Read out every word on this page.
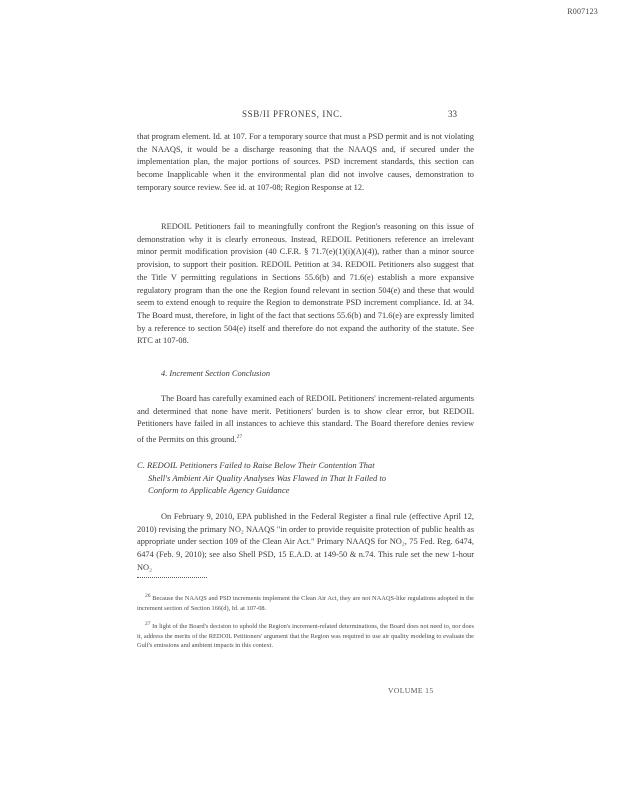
R007123
SSB/II PFRONES, INC.	33

that program element. Id. at 107. For a temporary source that must a PSD permit and is not violating the NAAQS, it would be a discharge reasoning that the NAAQS and, if secured under the implementation plan, the major portions of sources. PSD increment standards, this section can become Inapplicable when it the environmental plan did not involve causes, demonstration to temporary source review. See id. at 107-08; Region Response at 12.

REDOIL Petitioners fail to meaningfully confront the Region's reasoning on this issue of demonstration why it is clearly erroneous. Instead, REDOIL Petitioners reference an irrelevant minor permit modification provision (40 C.F.R. § 71.7(e)(1)(i)(A)(4)), rather than a minor source provision, to support their position. REDOIL Petition at 34. REDOIL Petitioners also suggest that the Title V permitting regulations in Sections 55.6(b) and 71.6(e) establish a more expansive regulatory program than the one the Region found relevant in section 504(e) and these that would seem to extend enough to require the Region to demonstrate PSD increment compliance. Id. at 34. The Board must, therefore, in light of the fact that sections 55.6(b) and 71.6(e) are expressly limited by a reference to section 504(e) itself and therefore do not expand the authority of the statute. See RTC at 107-08.

4. Increment Section Conclusion

The Board has carefully examined each of REDOIL Petitioners' increment-related arguments and determined that none have merit. Petitioners' burden is to show clear error, but REDOIL Petitioners have failed in all instances to achieve this standard. The Board therefore denies review of the Permits on this ground.$^{27}$

C. REDOIL Petitioners Failed to Raise Below Their Contention That

Shell's Ambient Air Quality Analyses Was Flawed in That It Failed to
Conform to Applicable Agency Guidance

On February 9, 2010, EPA published in the Federal Register a final rule (effective April 12, 2010) revising the primary NO₂ NAAQS "in order to provide requisite protection of public health as appropriate under section 109 of the Clean Air Act." Primary NAAQS for NO₂, 75 Fed. Reg. 6474, 6474 (Feb. 9, 2010); see also Shell PSD, 15 E.A.D. at 149-50 & n.74. This rule set the new 1-hour NO₂

$^{26}$ Because the NAAQS and PSD increments implement the Clean Air Act, they are not NAAQS-like regulations adopted in the increment section of Section 166(d), Id. at 107-08.

$^{27}$ In light of the Board's decision to uphold the Region's increment-related determinations, the Board does not need to, nor does it, address the merits of the REDOIL Petitioners' argument that the Region was required to use air quality modeling to evaluate the Gulf's emissions and ambient impacts in this context.

VOLUME 15
